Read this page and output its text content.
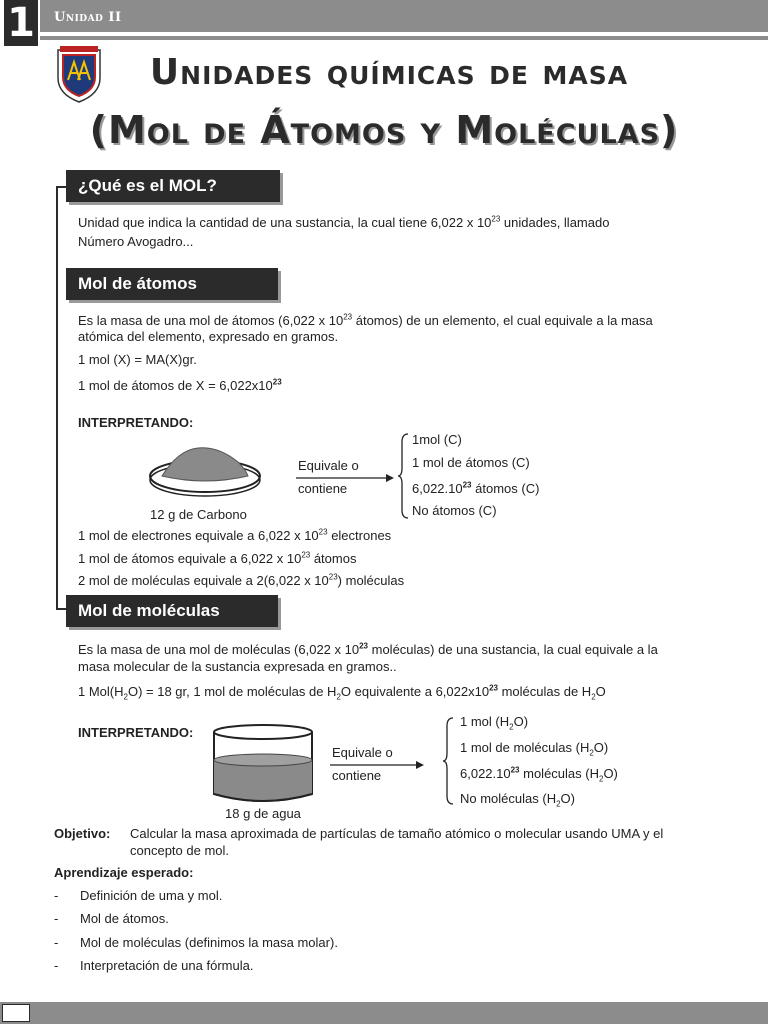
1 Unidad II
Unidades químicas de masa
(Mol de Átomos y Moléculas)
¿Qué es el MOL?
Unidad que indica la cantidad de una sustancia, la cual tiene 6,022 x $10^{23}$ unidades, llamado
Número Avogadro...
Mol de átomos
Es la masa de una mol de átomos (6,022 x $10^{23}$ átomos) de un elemento, el cual equivale a la masa
atómica del elemento, expresado en gramos.
1 mol (X) = MA(X)gr.
1 mol de átomos de $X = 6,022x10^{23}$
INTERPRETANDO:
12 g de Carbono
Equivale o
contiene
1mol (C)
1 mol de átomos (C)
6,022.10$^{23}$ átomos (C)
No átomos (C)
1 mol de electrones equivale a 6,022 x $10^{23}$ electrones
1 mol de átomos equivale a 6,022 x $10^{23}$ átomos
2 mol de moléculas equivale a 2(6,022 x $10^{23}$) moléculas
Mol de moléculas
Es la masa de una mol de moléculas (6,022 x $10^{23}$ moléculas) de una sustancia, la cual equivale a la
masa molecular de la sustancia expresada en gramos..
1 $Mol(H_2O) = 18$ gr, 1 mol de moléculas de $H_2O$ equivalente a $6,022x10^{23}$ moléculas de $H_2O$
INTERPRETANDO:
18 g de agua
Equivale o
contiene
1 mol $(H_2O)$
1 mol de moléculas $(H_2O)$
6,022.10$^{23}$ moléculas $(H_2O)$
No moléculas $(H_2O)$
Objetivo: Calcular la masa aproximada de partículas de tamaño atómico o molecular usando UMA y el
concepto de mol.
Aprendizaje esperado:
- Definición de uma y mol.
- Mol de átomos.
- Mol de moléculas (definimos la masa molar).
- Interpretación de una fórmula.
